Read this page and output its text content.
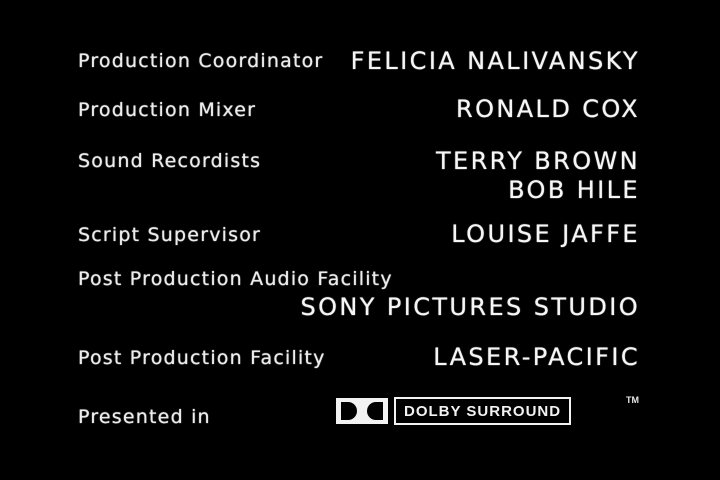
Production Coordinator FELICIA NALIVANSKY
Production Mixer	RONALD COX
Sound Recordists	TERRY BROWN
BOB HILE
Script Supervisor	LOUISE JAFFE
Post Production Audio Facility
SONY PICTURES STUDIO
Post Production Facility	LASER-PACIFIC
Presented in	DOLBY SURROUND
TM
